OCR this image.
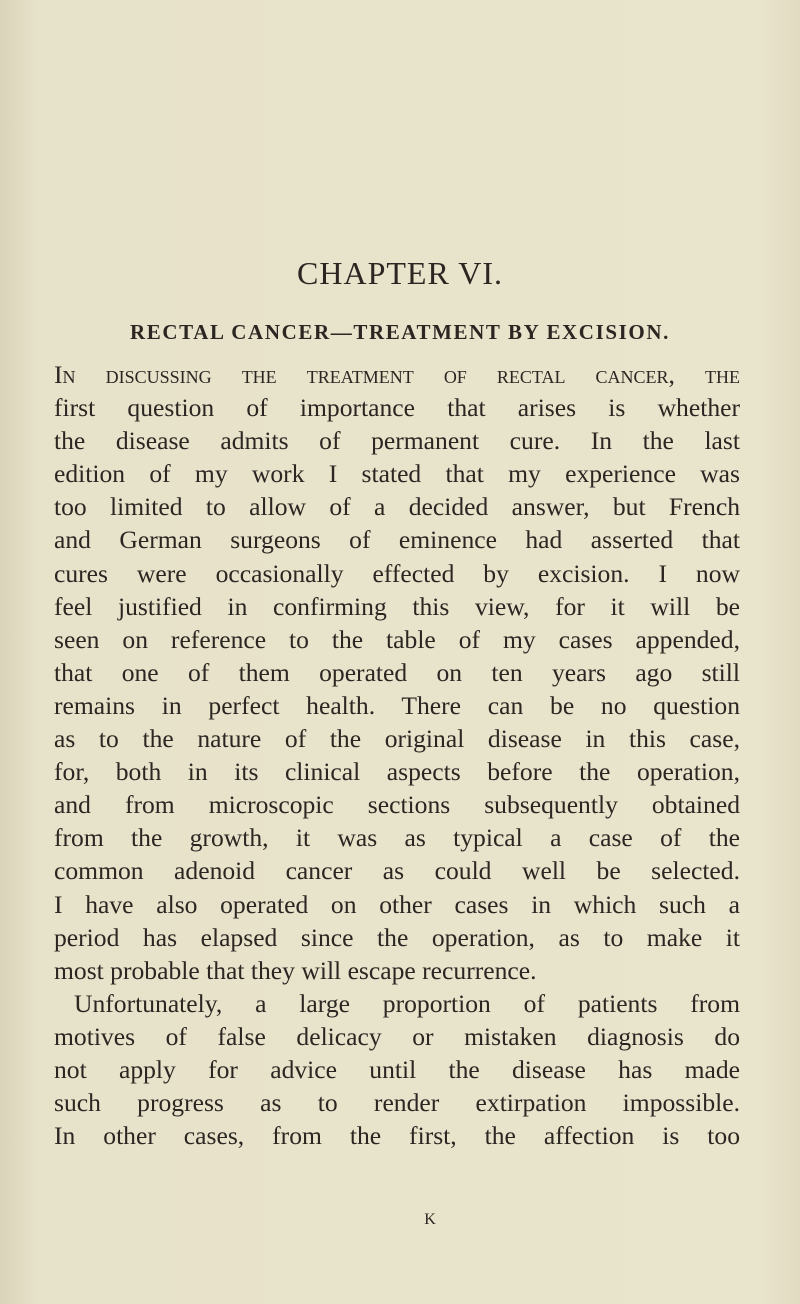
CHAPTER VI.
RECTAL CANCER—TREATMENT BY EXCISION.
In discussing the treatment of rectal cancer, the
first question of importance that arises is whether
the disease admits of permanent cure. In the last
edition of my work I stated that my experience was
too limited to allow of a decided answer, but French
and German surgeons of eminence had asserted that
cures were occasionally effected by excision. I now
feel justified in confirming this view, for it will be
seen on reference to the table of my cases appended,
that one of them operated on ten years ago still
remains in perfect health. There can be no question
as to the nature of the original disease in this case,
for, both in its clinical aspects before the operation,
and from microscopic sections subsequently obtained
from the growth, it was as typical a case of the
common adenoid cancer as could well be selected.
I have also operated on other cases in which such a
period has elapsed since the operation, as to make it
most probable that they will escape recurrence.
Unfortunately, a large proportion of patients from
motives of false delicacy or mistaken diagnosis do
not apply for advice until the disease has made
such progress as to render extirpation impossible.
In other cases, from the first, the affection is too
K
